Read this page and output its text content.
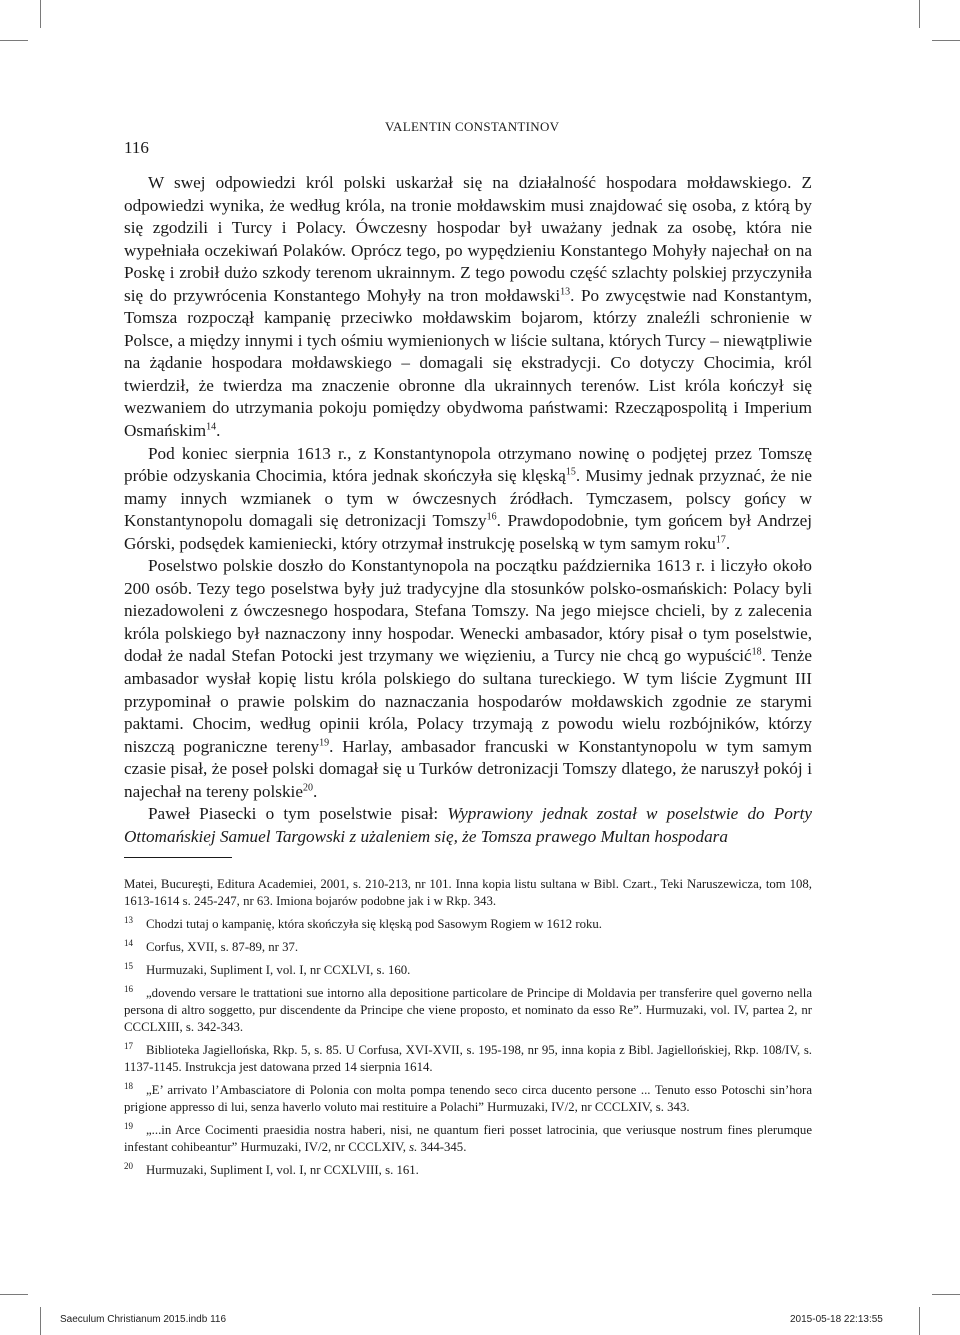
116
VALENTIN CONSTANTINOV

W swej odpowiedzi król polski uskarżał się na działalność hospodara mołdawskiego. Z odpowiedzi wynika, że według króla, na tronie mołdawskim musi znajdować się osoba, z którą by się zgodzili i Turcy i Polacy. Ówczesny hospodar był uważany jednak za osobę, która nie wypełniała oczekiwań Polaków. Oprócz tego, po wypędzieniu Konstantego Mohyły najechał on na Poskę i zrobił dużo szkody terenom ukrainnym. Z tego powodu część szlachty polskiej przyczyniła się do przywrócenia Konstantego Mohyły na tron mołdawski$^{13}$. Po zwycęstwie nad Konstantym, Tomsza rozpoczął kampanię przeciwko mołdawskim bojarom, którzy znaleźli schronienie w Polsce, a między innymi i tych ośmiu wymienionych w liście sultana, których Turcy – niewątpliwie na żądanie hospodara mołdawskiego – domagali się ekstradycji. Co dotyczy Chocimia, król twierdził, że twierdza ma znaczenie obronne dla ukrainnych terenów. List króla kończył się wezwaniem do utrzymania pokoju pomiędzy obydwoma państwami: Rzecząpospolitą i Imperium Osmańskim$^{14}$.

Pod koniec sierpnia 1613 r., z Konstantynopola otrzymano nowinę o podjętej przez Tomszę próbie odzyskania Chocimia, która jednak skończyła się klęską$^{15}$. Musimy jednak przyznać, że nie mamy innych wzmianek o tym w ówczesnych źródłach. Tymczasem, polscy gońcy w Konstantynopolu domagali się detronizacji Tomszy$^{16}$. Prawdopodobnie, tym gońcem był Andrzej Górski, podsędek kamieniecki, który otrzymał instrukcję poselską w tym samym roku$^{17}$.

Poselstwo polskie doszło do Konstantynopola na początku października 1613 r. i liczyło około 200 osób. Tezy tego poselstwa były już tradycyjne dla stosunków polsko-osmańskich: Polacy byli niezadowoleni z ówczesnego hospodara, Stefana Tomszy. Na jego miejsce chcieli, by z zalecenia króla polskiego był naznaczony inny hospodar. Wenecki ambasador, który pisał o tym poselstwie, dodał że nadal Stefan Potocki jest trzymany we więzieniu, a Turcy nie chcą go wypuścić$^{18}$. Tenże ambasador wysłał kopię listu króla polskiego do sultana tureckiego. W tym liście Zygmunt III przypominał o prawie polskim do naznaczania hospodarów mołdawskich zgodnie ze starymi paktami. Chocim, według opinii króla, Polacy trzymają z powodu wielu rozbójników, którzy niszczą pograniczne tereny$^{19}$. Harlay, ambasador francuski w Konstantynopolu w tym samym czasie pisał, że poseł polski domagał się u Turków detronizacji Tomszy dlatego, że naruszył pokój i najechał na tereny polskie$^{20}$.

Paweł Piasecki o tym poselstwie pisał: Wyprawiony jednak został w poselstwie do Porty Ottomańskiej Samuel Targowski z użaleniem się, że Tomsza prawego Multan hospodara

Matei, Bucureşti, Editura Academiei, 2001, s. 210-213, nr 101. Inna kopia listu sultana w Bibl. Czart., Teki Naruszewicza, tom 108, 1613-1614 s. 245-247, nr 63. Imiona bojarów podobne jak i w Rkp. 343.

13 Chodzi tutaj o kampanię, która skończyła się klęską pod Sasowym Rogiem w 1612 roku.

14 Corfus, XVII, s. 87-89, nr 37.

15 Hurmuzaki, Supliment I, vol. I, nr CCXLVI, s. 160.

16 „dovendo versare le trattationi sue intorno alla depositione particolare de Principe di Moldavia per transferire quel governo nella persona di altro soggetto, pur discendente da Principe che viene proposto, et nominato da esso Re”. Hurmuzaki, vol. IV, partea 2, nr CCCLXIII, s. 342-343.

17 Biblioteka Jagiellońska, Rkp. 5, s. 85. U Corfusa, XVI-XVII, s. 195-198, nr 95, inna kopia z Bibl. Jagiellońskiej, Rkp. 108/IV, s. 1137-1145. Instrukcja jest datowana przed 14 sierpnia 1614.

18 „E’ arrivato l’Ambasciatore di Polonia con molta pompa tenendo seco circa ducento persone ... Tenuto esso Potoschi sin’hora prigione appresso di lui, senza haverlo voluto mai restituire a Polachi” Hurmuzaki, IV/2, nr CCCLXIV, s. 343.

19 „...in Arce Cocimenti praesidia nostra haberi, nisi, ne quantum fieri posset latrocinia, que veriusque nostrum fines plerumque infestant cohibeantur” Hurmuzaki, IV/2, nr CCCLXIV, s. 344-345.

20 Hurmuzaki, Supliment I, vol. I, nr CCXLVIII, s. 161.

Saeculum Christianum 2015.indb 116	2015-05-18 22:13:55
